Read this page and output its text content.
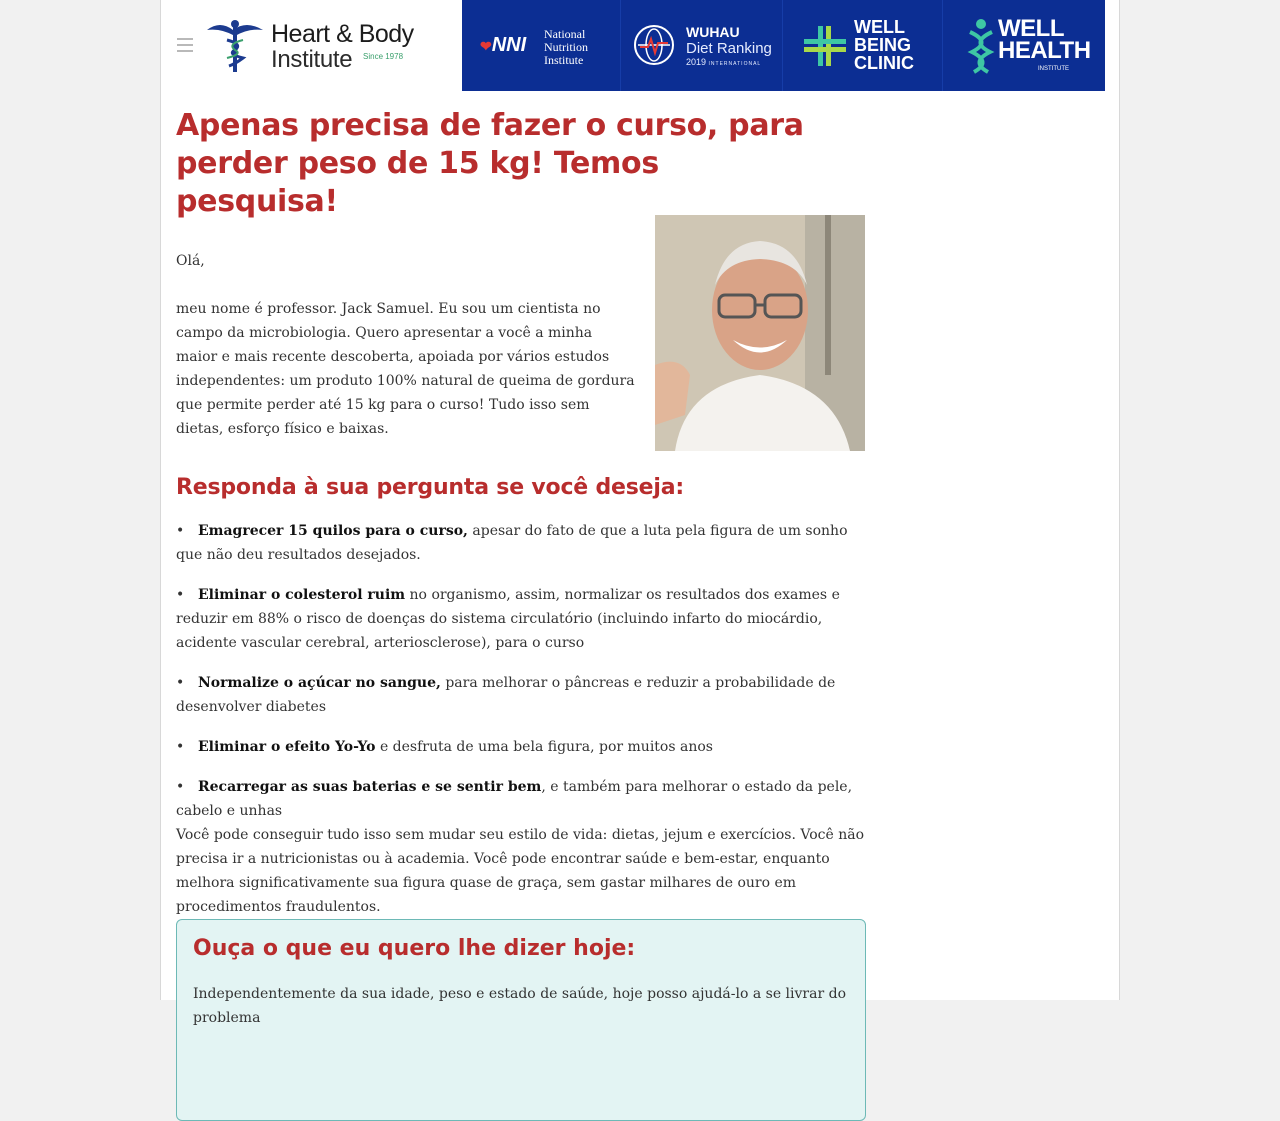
Heart & Body
Institute Since 1978
❤NNI National
Nutrition
Institute
WUHAU
Diet Ranking
2019 INTERNATIONAL
WELL
BEING
CLINIC
WELL
HEALTH
INSTITUTE
Apenas precisa de fazer o curso, para perder peso de 15 kg! Temos pesquisa!

Olá,

meu nome é professor. Jack Samuel. Eu sou um cientista no campo da microbiologia. Quero apresentar a você a minha maior e mais recente descoberta, apoiada por vários estudos independentes: um produto 100% natural de queima de gordura que permite perder até 15 kg para o curso! Tudo isso sem dietas, esforço físico e baixas.

Responda à sua pergunta se você deseja:
• Emagrecer 15 quilos para o curso, apesar do fato de que a luta pela figura de um sonho que não deu resultados desejados.
• Eliminar o colesterol ruim no organismo, assim, normalizar os resultados dos exames e reduzir em 88% o risco de doenças do sistema circulatório (incluindo infarto do miocárdio, acidente vascular cerebral, arteriosclerose), para o curso
• Normalize o açúcar no sangue, para melhorar o pâncreas e reduzir a probabilidade de desenvolver diabetes
• Eliminar o efeito Yo-Yo e desfruta de uma bela figura, por muitos anos
• Recarregar as suas baterias e se sentir bem, e também para melhorar o estado da pele, cabelo e unhas

Você pode conseguir tudo isso sem mudar seu estilo de vida: dietas, jejum e exercícios. Você não precisa ir a nutricionistas ou à academia. Você pode encontrar saúde e bem-estar, enquanto melhora significativamente sua figura quase de graça, sem gastar milhares de ouro em procedimentos fraudulentos.

Ouça o que eu quero lhe dizer hoje:

Independentemente da sua idade, peso e estado de saúde, hoje posso ajudá-lo a se livrar do problema
